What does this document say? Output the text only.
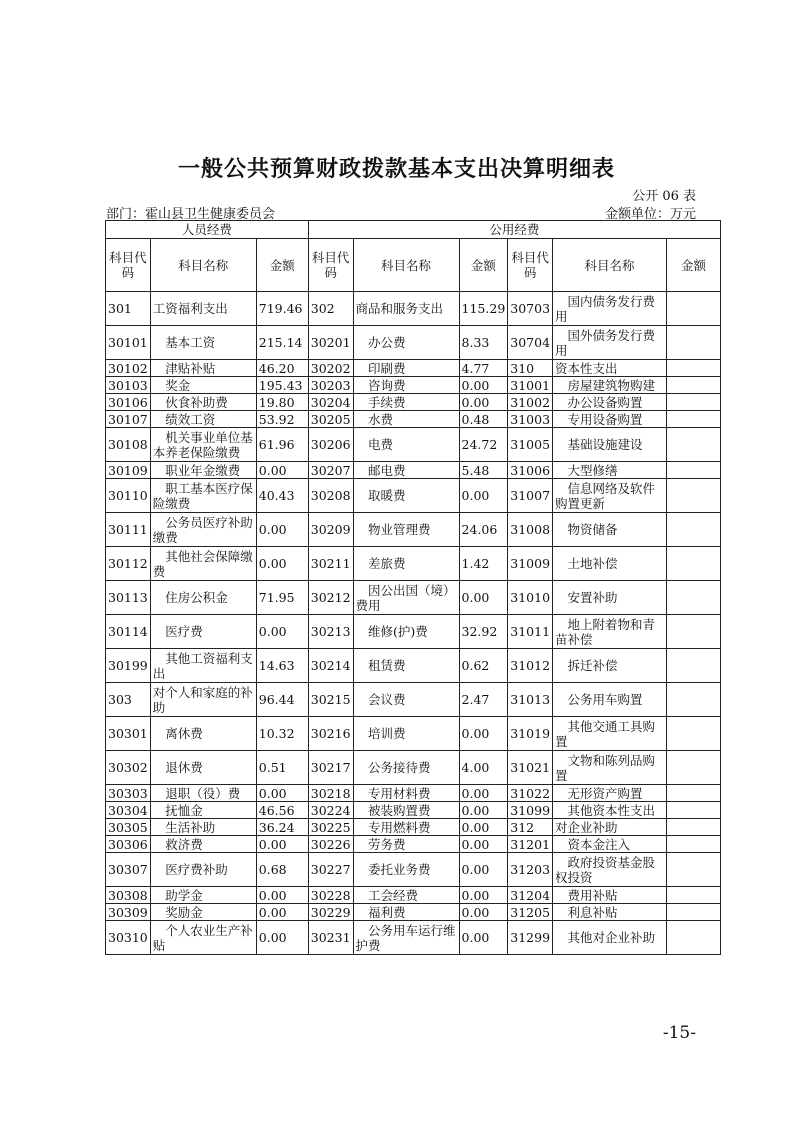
一般公共预算财政拨款基本支出决算明细表
公开 06 表
部门：霍山县卫生健康委员会	金额单位：万元
人员经费			公用经费					
科目代码	科目名称	金额	科目代码	科目名称	金额	科目代码	科目名称	金额
301	工资福利支出	719.46	302	商品和服务支出	115.29	30703	国内债务发行费用	
30101	基本工资	215.14	30201	办公费	8.33	30704	国外债务发行费用	
30102	津贴补贴	46.20	30202	印刷费	4.77	310	资本性支出	
30103	奖金	195.43	30203	咨询费	0.00	31001	房屋建筑物购建	
30106	伙食补助费	19.80	30204	手续费	0.00	31002	办公设备购置	
30107	绩效工资	53.92	30205	水费	0.48	31003	专用设备购置	
30108	机关事业单位基本养老保险缴费	61.96	30206	电费	24.72	31005	基础设施建设	
30109	职业年金缴费	0.00	30207	邮电费	5.48	31006	大型修缮	
30110	职工基本医疗保险缴费	40.43	30208	取暖费	0.00	31007	信息网络及软件购置更新	
30111	公务员医疗补助缴费	0.00	30209	物业管理费	24.06	31008	物资储备	
30112	其他社会保障缴费	0.00	30211	差旅费	1.42	31009	土地补偿	
30113	住房公积金	71.95	30212	因公出国（境）费用	0.00	31010	安置补助	
30114	医疗费	0.00	30213	维修(护)费	32.92	31011	地上附着物和青苗补偿	
30199	其他工资福利支出	14.63	30214	租赁费	0.62	31012	拆迁补偿	
303	对个人和家庭的补助	96.44	30215	会议费	2.47	31013	公务用车购置	
30301	离休费	10.32	30216	培训费	0.00	31019	其他交通工具购置	
30302	退休费	0.51	30217	公务接待费	4.00	31021	文物和陈列品购置	
30303	退职（役）费	0.00	30218	专用材料费	0.00	31022	无形资产购置	
30304	抚恤金	46.56	30224	被装购置费	0.00	31099	其他资本性支出	
30305	生活补助	36.24	30225	专用燃料费	0.00	312	对企业补助	
30306	救济费	0.00	30226	劳务费	0.00	31201	资本金注入	
30307	医疗费补助	0.68	30227	委托业务费	0.00	31203	政府投资基金股权投资	
30308	助学金	0.00	30228	工会经费	0.00	31204	费用补贴	
30309	奖励金	0.00	30229	福利费	0.00	31205	利息补贴	
30310	个人农业生产补贴	0.00	30231	公务用车运行维护费	0.00	31299	其他对企业补助	
-15-
